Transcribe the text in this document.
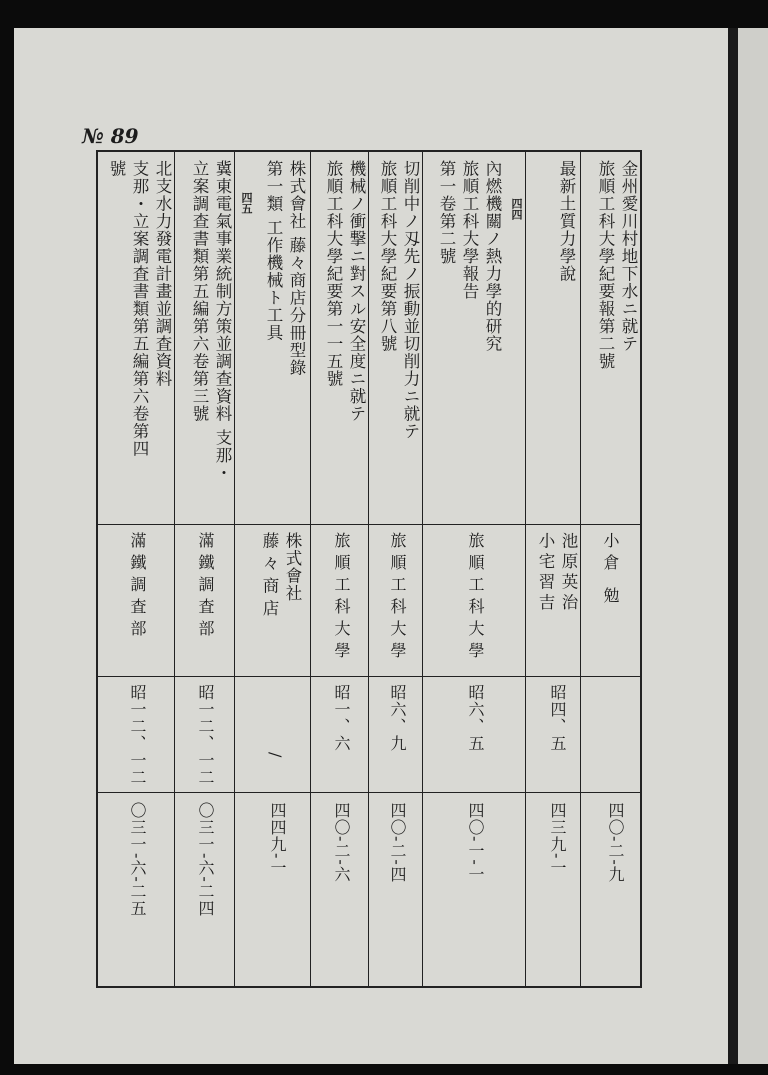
№ 89
金州愛川村地下水ニ就テ
旅順工科大學紀要報第二號
小倉 勉
四〇-二-九
最新土質力學說
池原英治
小宅習吉
昭四、五
四三九-一
四四
內燃機關ノ熱力學的研究
旅順工科大學報告
第一卷第二號
旅順工科大學
昭六、五
四〇-一-一
切削中ノ刄先ノ振動並切削力ニ就テ
旅順工科大學紀要第八號
旅順工科大學
昭六、九
四〇-二-四
機械ノ衝撃ニ對スル安全度ニ就テ
旅順工科大學紀要第一一五號
旅順工科大學
昭一、六
四〇-二-六
株式會社 藤々商店分冊型錄
第一類 工作機械ト工具
株式會社
藤々商店
/
四四九-一
四五
冀東電氣事業統制方策並調查資料 支那・
立案調查書類第五編第六卷第三號
滿鐵調査部
昭一二、一二
〇三一-六-二四
北支水力發電計畫並調査資料
支那・立案調査書類第五編第六卷第四
號
滿鐵調査部
昭一二、一二
〇三一-六-二五
